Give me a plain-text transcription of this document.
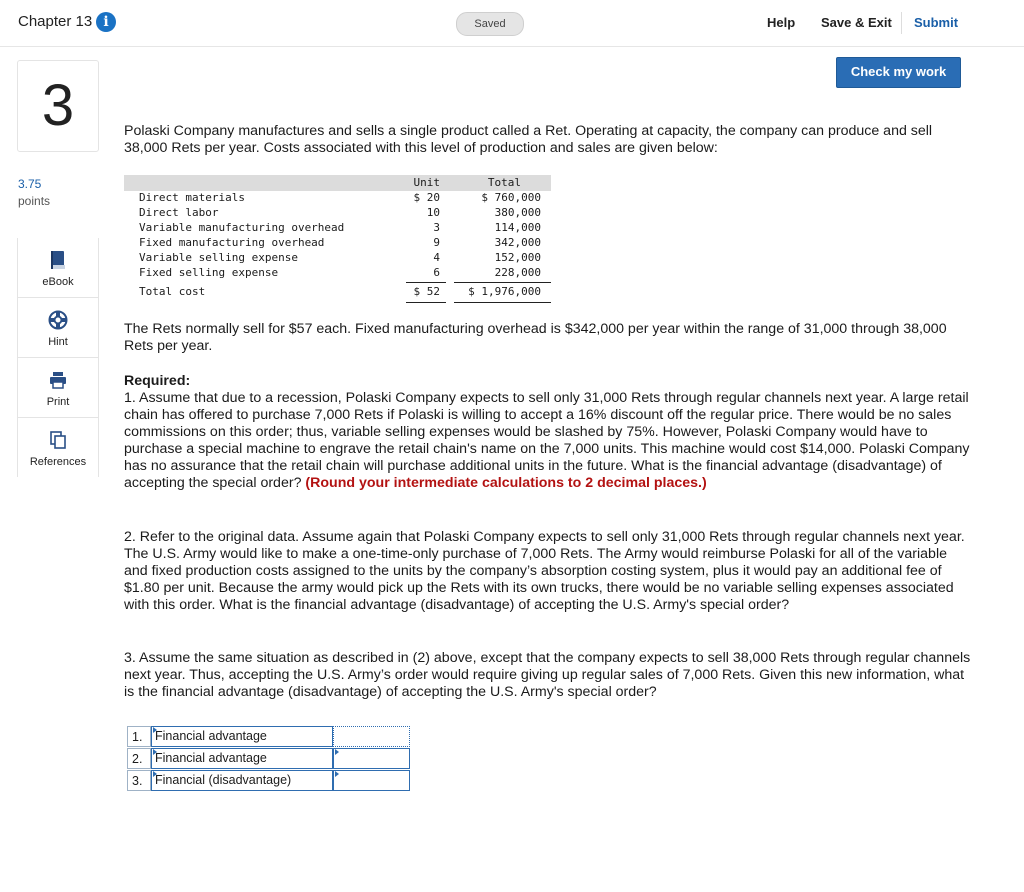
Chapter 13 i	Saved	Help Save & Exit Submit
3
3.75
points
eBook
Hint
Print
References
Check my work
Polaski Company manufactures and sells a single product called a Ret. Operating at capacity, the company can produce and sell 38,000 Rets per year. Costs associated with this level of production and sales are given below:
Unit	Total
Direct materials	$ 20	$ 760,000
Direct labor	10	380,000
Variable manufacturing overhead	3	114,000
Fixed manufacturing overhead	9	342,000
Variable selling expense	4	152,000
Fixed selling expense	6	228,000
Total cost	$ 52	$ 1,976,000
The Rets normally sell for $57 each. Fixed manufacturing overhead is $342,000 per year within the range of 31,000 through 38,000 Rets per year.
Required:
1. Assume that due to a recession, Polaski Company expects to sell only 31,000 Rets through regular channels next year. A large retail chain has offered to purchase 7,000 Rets if Polaski is willing to accept a 16% discount off the regular price. There would be no sales commissions on this order; thus, variable selling expenses would be slashed by 75%. However, Polaski Company would have to purchase a special machine to engrave the retail chain's name on the 7,000 units. This machine would cost $14,000. Polaski Company has no assurance that the retail chain will purchase additional units in the future. What is the financial advantage (disadvantage) of accepting the special order? (Round your intermediate calculations to 2 decimal places.)
2. Refer to the original data. Assume again that Polaski Company expects to sell only 31,000 Rets through regular channels next year. The U.S. Army would like to make a one-time-only purchase of 7,000 Rets. The Army would reimburse Polaski for all of the variable and fixed production costs assigned to the units by the company’s absorption costing system, plus it would pay an additional fee of $1.80 per unit. Because the army would pick up the Rets with its own trucks, there would be no variable selling expenses associated with this order. What is the financial advantage (disadvantage) of accepting the U.S. Army's special order?
3. Assume the same situation as described in (2) above, except that the company expects to sell 38,000 Rets through regular channels next year. Thus, accepting the U.S. Army’s order would require giving up regular sales of 7,000 Rets. Given this new information, what is the financial advantage (disadvantage) of accepting the U.S. Army's special order?
1.	Financial advantage
2.	Financial advantage
3.	Financial (disadvantage)
